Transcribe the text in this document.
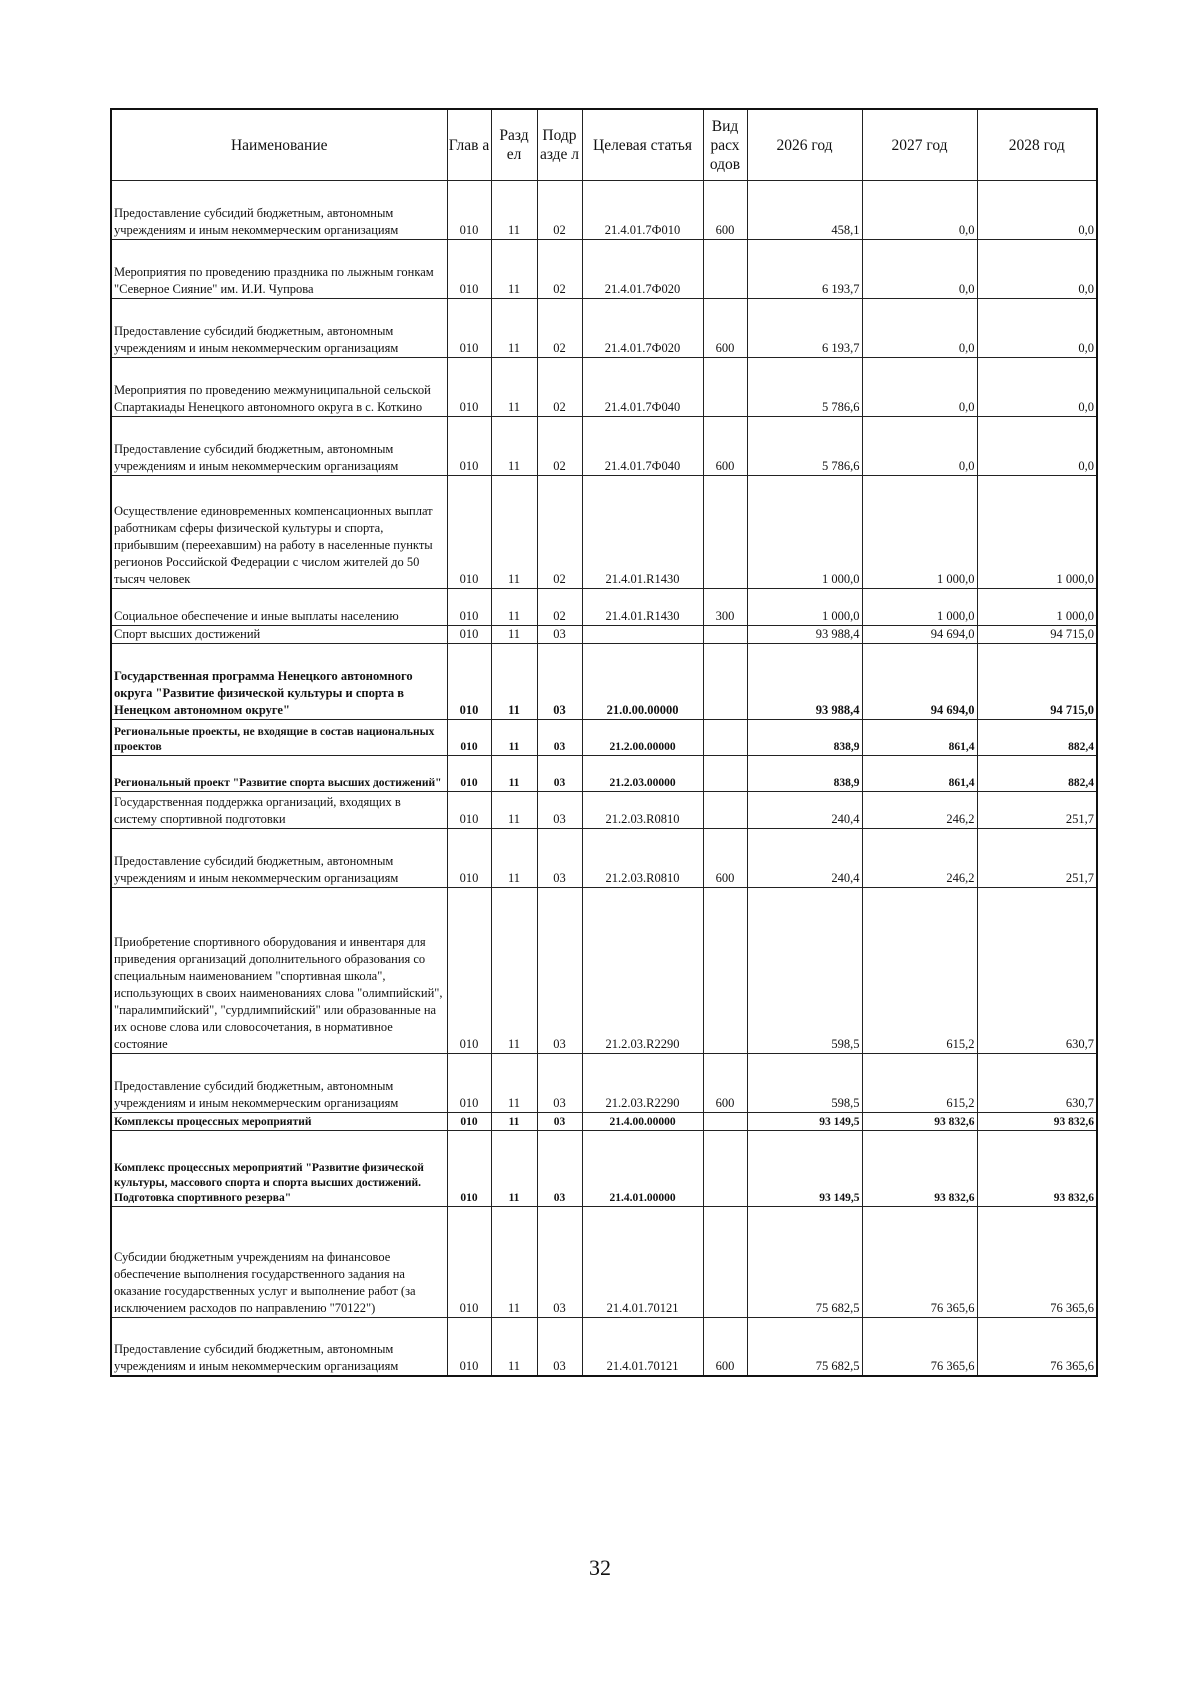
Наименование	Глав а	Разд ел	Подр азде л	Целевая статья	Вид расх одов	2026 год	2027 год	2028 год
Предоставление субсидий бюджетным, автономным учреждениям и иным некоммерческим организациям	010	11	02	21.4.01.7Ф010	600	458,1	0,0	0,0
Мероприятия по проведению праздника по лыжным гонкам "Северное Сияние" им. И.И. Чупрова	010	11	02	21.4.01.7Ф020		6 193,7	0,0	0,0
Предоставление субсидий бюджетным, автономным учреждениям и иным некоммерческим организациям	010	11	02	21.4.01.7Ф020	600	6 193,7	0,0	0,0
Мероприятия по проведению межмуниципальной сельской Спартакиады Ненецкого автономного округа в с. Коткино	010	11	02	21.4.01.7Ф040		5 786,6	0,0	0,0
Предоставление субсидий бюджетным, автономным учреждениям и иным некоммерческим организациям	010	11	02	21.4.01.7Ф040	600	5 786,6	0,0	0,0
Осуществление единовременных компенсационных выплат работникам сферы физической культуры и спорта, прибывшим (переехавшим) на работу в населенные пункты регионов Российской Федерации с числом жителей до 50 тысяч человек	010	11	02	21.4.01.R1430		1 000,0	1 000,0	1 000,0
Социальное обеспечение и иные выплаты населению	010	11	02	21.4.01.R1430	300	1 000,0	1 000,0	1 000,0
Спорт высших достижений	010	11	03			93 988,4	94 694,0	94 715,0
Государственная программа Ненецкого автономного округа "Развитие физической культуры и спорта в Ненецком автономном округе"	010	11	03	21.0.00.00000		93 988,4	94 694,0	94 715,0
Региональные проекты, не входящие в состав национальных проектов	010	11	03	21.2.00.00000		838,9	861,4	882,4
Региональный проект "Развитие спорта высших достижений"	010	11	03	21.2.03.00000		838,9	861,4	882,4
Государственная поддержка организаций, входящих в систему спортивной подготовки	010	11	03	21.2.03.R0810		240,4	246,2	251,7
Предоставление субсидий бюджетным, автономным учреждениям и иным некоммерческим организациям	010	11	03	21.2.03.R0810	600	240,4	246,2	251,7
Приобретение спортивного оборудования и инвентаря для приведения организаций дополнительного образования со специальным наименованием "спортивная школа", использующих в своих наименованиях слова "олимпийский", "паралимпийский", "сурдлимпийский" или образованные на их основе слова или словосочетания, в нормативное состояние	010	11	03	21.2.03.R2290		598,5	615,2	630,7
Предоставление субсидий бюджетным, автономным учреждениям и иным некоммерческим организациям	010	11	03	21.2.03.R2290	600	598,5	615,2	630,7
Комплексы процессных мероприятий	010	11	03	21.4.00.00000		93 149,5	93 832,6	93 832,6
Комплекс процессных мероприятий "Развитие физической культуры, массового спорта и спорта высших достижений. Подготовка спортивного резерва"	010	11	03	21.4.01.00000		93 149,5	93 832,6	93 832,6
Субсидии бюджетным учреждениям на финансовое обеспечение выполнения государственного задания на оказание государственных услуг и выполнение работ (за исключением расходов по направлению "70122")	010	11	03	21.4.01.70121		75 682,5	76 365,6	76 365,6
Предоставление субсидий бюджетным, автономным учреждениям и иным некоммерческим организациям	010	11	03	21.4.01.70121	600	75 682,5	76 365,6	76 365,6
32
